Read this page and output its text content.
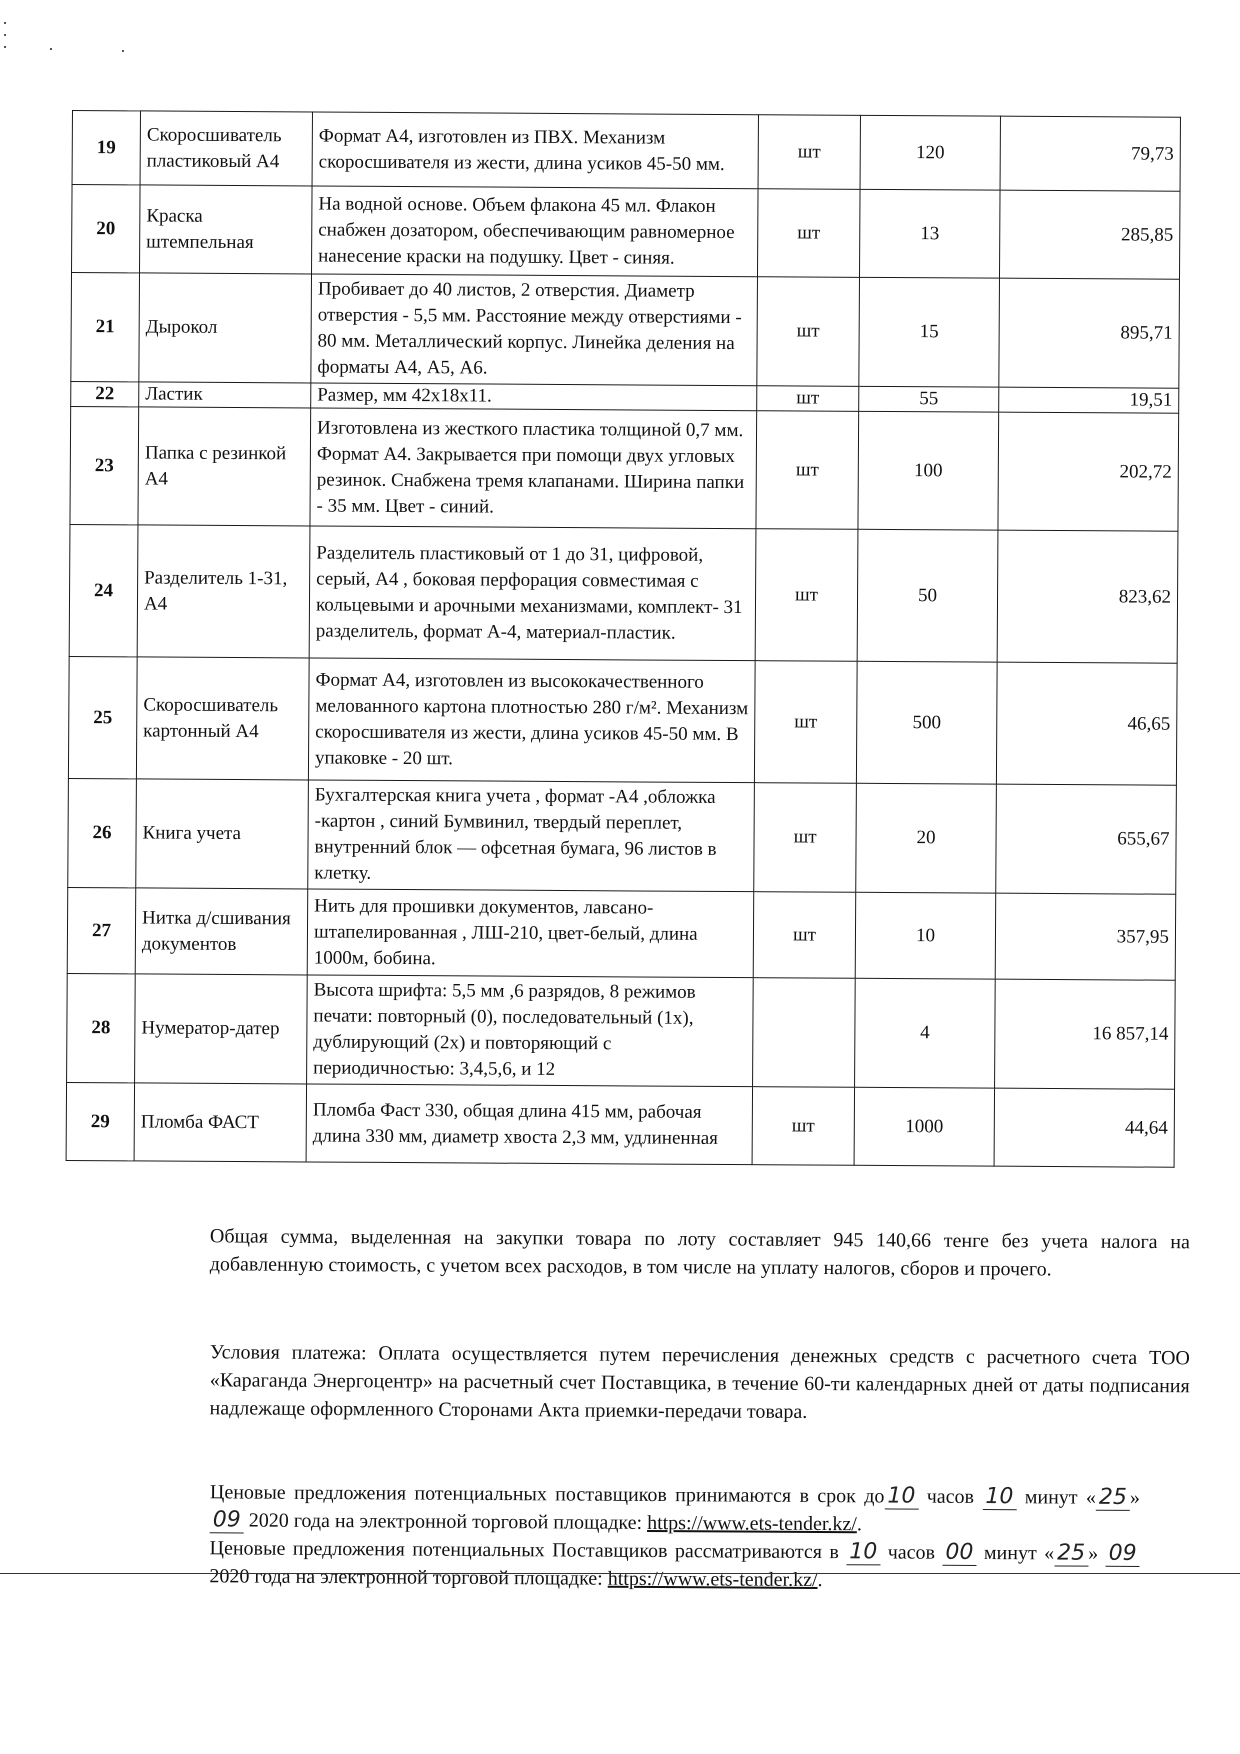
19	Скоросшиватель пластиковый А4	Формат А4, изготовлен из ПВХ. Механизм скоросшивателя из жести, длина усиков 45-50 мм.	шт	120	79,73
20	Краска штемпельная	На водной основе. Объем флакона 45 мл. Флакон снабжен дозатором, обеспечивающим равномерное нанесение краски на подушку. Цвет - синяя.	шт	13	285,85
21	Дырокол	Пробивает до 40 листов, 2 отверстия. Диаметр отверстия - 5,5 мм. Расстояние между отверстиями - 80 мм. Металлический корпус. Линейка деления на форматы А4, А5, А6.	шт	15	895,71
22	Ластик	Размер, мм 42х18х11.	шт	55	19,51
23	Папка с резинкой А4	Изготовлена из жесткого пластика толщиной 0,7 мм. Формат А4. Закрывается при помощи двух угловых резинок. Снабжена тремя клапанами. Ширина папки - 35 мм. Цвет - синий.	шт	100	202,72
24	Разделитель 1-31, А4	Разделитель пластиковый от 1 до 31, цифровой, серый, А4 , боковая перфорация совместимая с кольцевыми и арочными механизмами, комплект- 31 разделитель, формат А-4, материал-пластик.	шт	50	823,62
25	Скоросшиватель картонный А4	Формат А4, изготовлен из высококачественного мелованного картона плотностью 280 г/м². Механизм скоросшивателя из жести, длина усиков 45-50 мм. В упаковке - 20 шт.	шт	500	46,65
26	Книга учета	Бухгалтерская книга учета , формат -А4 ,обложка -картон , синий Бумвинил, твердый переплет, внутренний блок — офсетная бумага, 96 листов в клетку.	шт	20	655,67
27	Нитка д/сшивания документов	Нить для прошивки документов, лавсано-штапелированная , ЛШ-210, цвет-белый, длина 1000м, бобина.	шт	10	357,95
28	Нумератор-датер	Высота шрифта: 5,5 мм ,6 разрядов, 8 режимов печати: повторный (0), последовательный (1х), дублирующий (2х) и повторяющий с периодичностью: 3,4,5,6, и 12		4	16 857,14
29	Пломба ФАСТ	Пломба Фаст 330, общая длина 415 мм, рабочая длина 330 мм, диаметр хвоста 2,3 мм, удлиненная	шт	1000	44,64
Общая сумма, выделенная на закупки товара по лоту составляет 945 140,66 тенге без учета налога на добавленную стоимость, с учетом всех расходов, в том числе на уплату налогов, сборов и прочего.
Условия платежа: Оплата осуществляется путем перечисления денежных средств с расчетного счета ТОО «Караганда Энергоцентр» на расчетный счет Поставщика, в течение 60-ти календарных дней от даты подписания надлежаще оформленного Сторонами Акта приемки-передачи товара.
Ценовые предложения потенциальных поставщиков принимаются в срок до 10 часов 10 минут « 25 » 09 2020 года на электронной торговой площадке: https://www.ets-tender.kz/.
Ценовые предложения потенциальных Поставщиков рассматриваются в 10 часов 00 минут « 25 » 09 2020 года на электронной торговой площадке: https://www.ets-tender.kz/.
